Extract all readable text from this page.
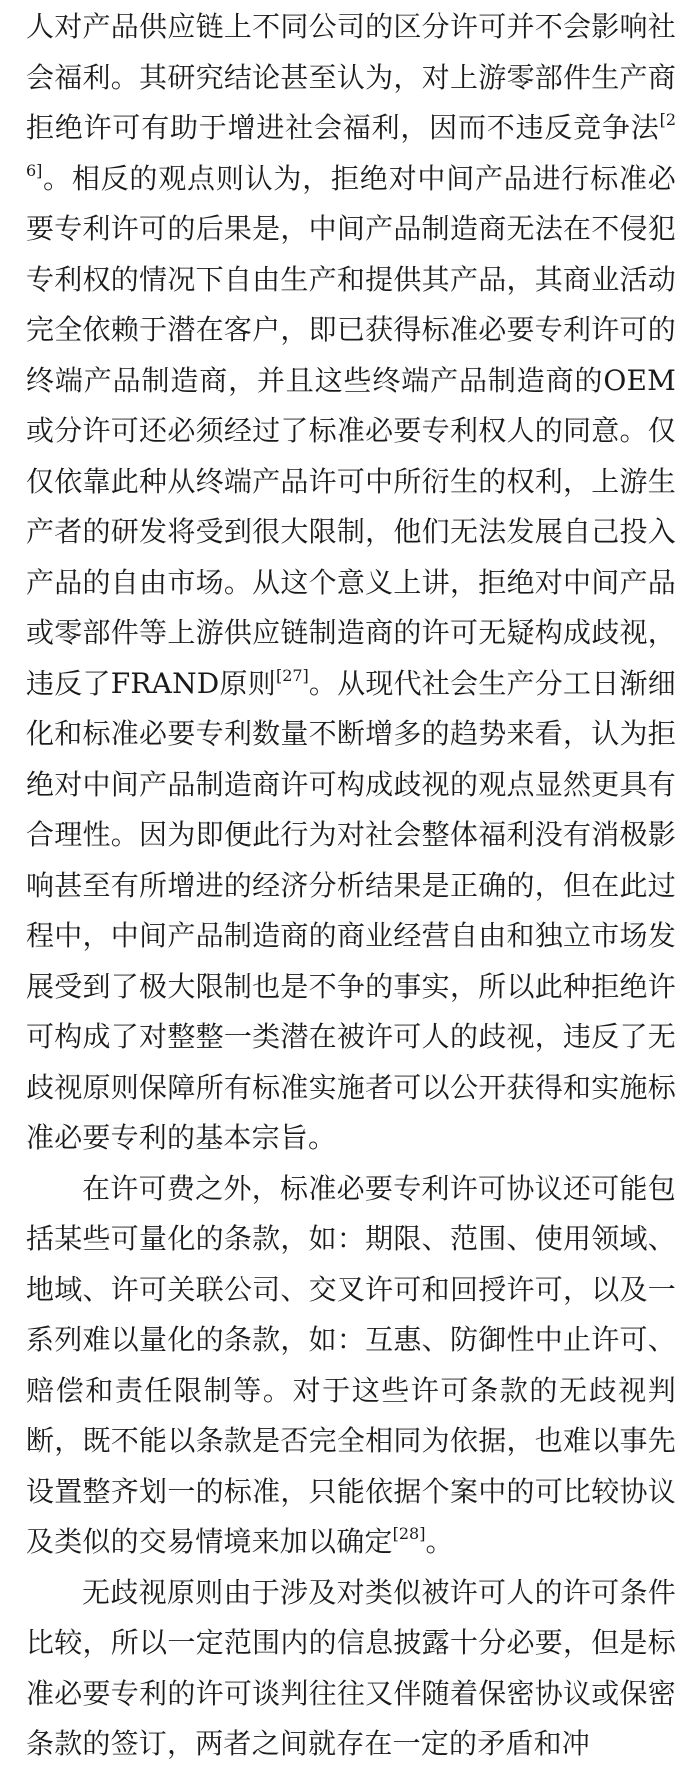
人对产品供应链上不同公司的区分许可并不会影响社会福利。其研究结论甚至认为，对上游零部件生产商拒绝许可有助于增进社会福利，因而不违反竞争法[26]。相反的观点则认为，拒绝对中间产品进行标准必要专利许可的后果是，中间产品制造商无法在不侵犯专利权的情况下自由生产和提供其产品，其商业活动完全依赖于潜在客户，即已获得标准必要专利许可的终端产品制造商，并且这些终端产品制造商的OEM或分许可还必须经过了标准必要专利权人的同意。仅仅依靠此种从终端产品许可中所衍生的权利，上游生产者的研发将受到很大限制，他们无法发展自己投入产品的自由市场。从这个意义上讲，拒绝对中间产品或零部件等上游供应链制造商的许可无疑构成歧视，违反了FRAND原则[27]。从现代社会生产分工日渐细化和标准必要专利数量不断增多的趋势来看，认为拒绝对中间产品制造商许可构成歧视的观点显然更具有合理性。因为即便此行为对社会整体福利没有消极影响甚至有所增进的经济分析结果是正确的，但在此过程中，中间产品制造商的商业经营自由和独立市场发展受到了极大限制也是不争的事实，所以此种拒绝许可构成了对整整一类潜在被许可人的歧视，违反了无歧视原则保障所有标准实施者可以公开获得和实施标准必要专利的基本宗旨。

在许可费之外，标准必要专利许可协议还可能包括某些可量化的条款，如：期限、范围、使用领域、地域、许可关联公司、交叉许可和回授许可，以及一系列难以量化的条款，如：互惠、防御性中止许可、赔偿和责任限制等。对于这些许可条款的无歧视判断，既不能以条款是否完全相同为依据，也难以事先设置整齐划一的标准，只能依据个案中的可比较协议及类似的交易情境来加以确定[28]。

无歧视原则由于涉及对类似被许可人的许可条件比较，所以一定范围内的信息披露十分必要，但是标准必要专利的许可谈判往往又伴随着保密协议或保密条款的签订，两者之间就存在一定的矛盾和冲
